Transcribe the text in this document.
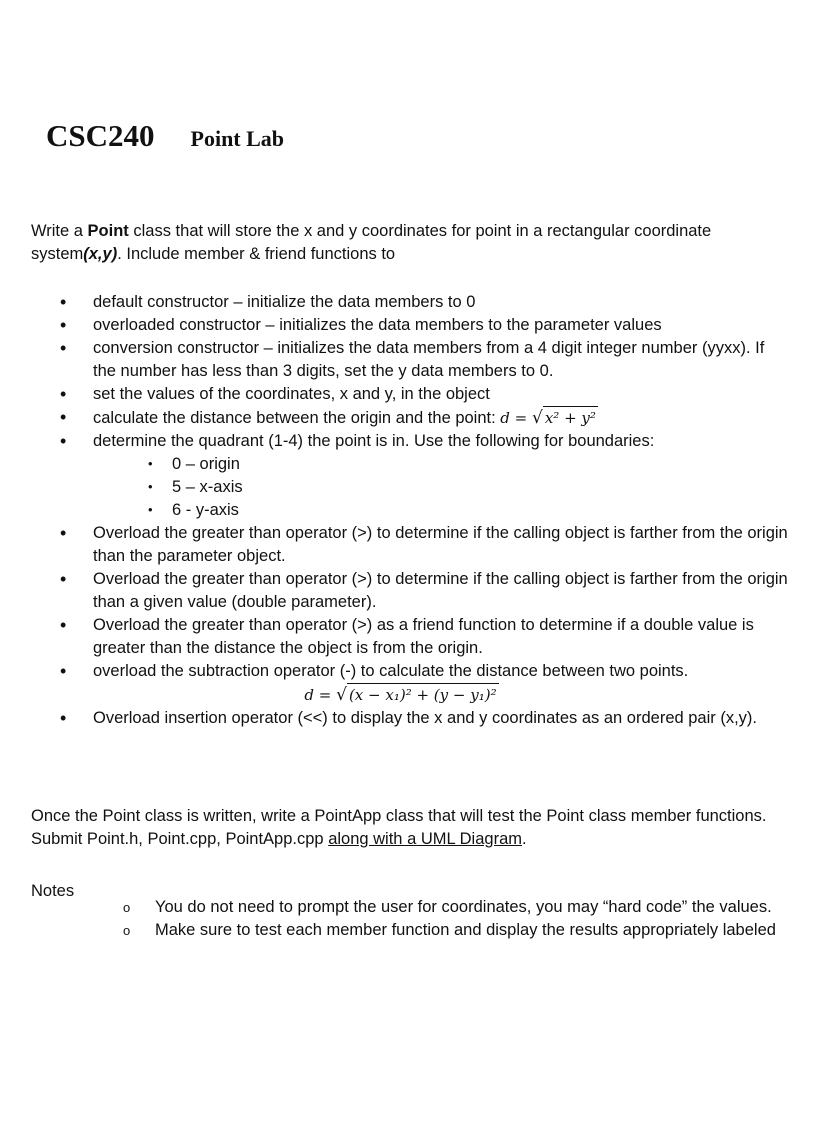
CSC240 Point Lab
Write a Point class that will store the x and y coordinates for point in a rectangular coordinate system(x,y). Include member & friend functions to
• default constructor – initialize the data members to 0
• overloaded constructor – initializes the data members to the parameter values
• conversion constructor – initializes the data members from a 4 digit integer number (yyxx). If the number has less than 3 digits, set the y data members to 0.
• set the values of the coordinates, x and y, in the object
• calculate the distance between the origin and the point: d = √ x² + y²
• determine the quadrant (1-4) the point is in. Use the following for boundaries:
• 0 – origin
• 5 – x-axis
• 6 - y-axis
• Overload the greater than operator (>) to determine if the calling object is farther from the origin than the parameter object.
• Overload the greater than operator (>) to determine if the calling object is farther from the origin than a given value (double parameter).
• Overload the greater than operator (>) as a friend function to determine if a double value is greater than the distance the object is from the origin.
• overload the subtraction operator (-) to calculate the distance between two points.
d = √ (x − x₁)² + (y − y₁)²
• Overload insertion operator (<<) to display the x and y coordinates as an ordered pair (x,y).
Once the Point class is written, write a PointApp class that will test the Point class member functions. Submit Point.h, Point.cpp, PointApp.cpp along with a UML Diagram.
Notes
o You do not need to prompt the user for coordinates, you may “hard code” the values.
o Make sure to test each member function and display the results appropriately labeled
